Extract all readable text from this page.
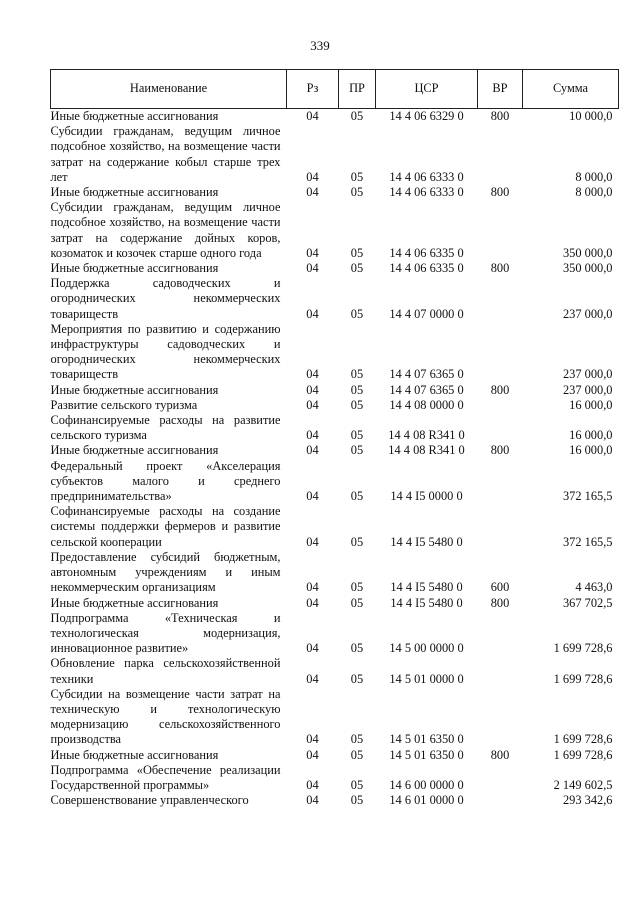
339
Наименование	Рз	ПР	ЦСР	ВР	Сумма
Иные бюджетные ассигнования	04	05	14 4 06 6329 0	800	10 000,0
Субсидии гражданам, ведущим личное подсобное хозяйство, на возмещение части затрат на содержание кобыл старше трех лет	04	05	14 4 06 6333 0		8 000,0
Иные бюджетные ассигнования	04	05	14 4 06 6333 0	800	8 000,0
Субсидии гражданам, ведущим личное подсобное хозяйство, на возмещение части затрат на содержание дойных коров, козоматок и козочек старше одного года	04	05	14 4 06 6335 0		350 000,0
Иные бюджетные ассигнования	04	05	14 4 06 6335 0	800	350 000,0
Поддержка садоводческих и огороднических некоммерческих товариществ	04	05	14 4 07 0000 0		237 000,0
Мероприятия по развитию и содержанию инфраструктуры садоводческих и огороднических некоммерческих товариществ	04	05	14 4 07 6365 0		237 000,0
Иные бюджетные ассигнования	04	05	14 4 07 6365 0	800	237 000,0
Развитие сельского туризма	04	05	14 4 08 0000 0		16 000,0
Софинансируемые расходы на развитие сельского туризма	04	05	14 4 08 R341 0		16 000,0
Иные бюджетные ассигнования	04	05	14 4 08 R341 0	800	16 000,0
Федеральный проект «Акселерация субъектов малого и среднего предпринимательства»	04	05	14 4 I5 0000 0		372 165,5
Софинансируемые расходы на создание системы поддержки фермеров и развитие сельской кооперации	04	05	14 4 I5 5480 0		372 165,5
Предоставление субсидий бюджетным, автономным учреждениям и иным некоммерческим организациям	04	05	14 4 I5 5480 0	600	4 463,0
Иные бюджетные ассигнования	04	05	14 4 I5 5480 0	800	367 702,5
Подпрограмма «Техническая и технологическая модернизация, инновационное развитие»	04	05	14 5 00 0000 0		1 699 728,6
Обновление парка сельскохозяйственной техники	04	05	14 5 01 0000 0		1 699 728,6
Субсидии на возмещение части затрат на техническую и технологическую модернизацию сельскохозяйственного производства	04	05	14 5 01 6350 0		1 699 728,6
Иные бюджетные ассигнования	04	05	14 5 01 6350 0	800	1 699 728,6
Подпрограмма «Обеспечение реализации Государственной программы»	04	05	14 6 00 0000 0		2 149 602,5
Совершенствование управленческого	04	05	14 6 01 0000 0		293 342,6
